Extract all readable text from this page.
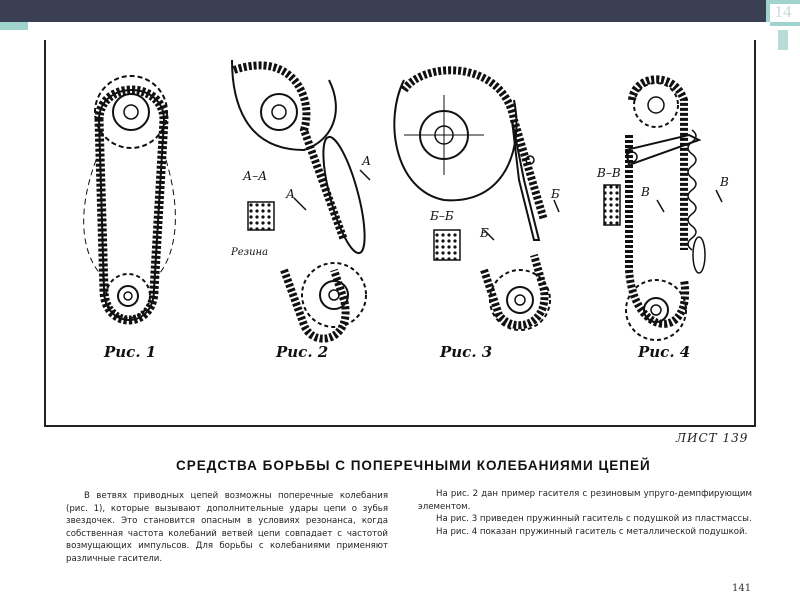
14
А–А
А
А
Резина
Б–Б
Б
Б
В–В
В
В
Рис. 1	Рис. 2	Рис. 3	Рис. 4
ЛИСТ 139
СРЕДСТВА БОРЬБЫ С ПОПЕРЕЧНЫМИ КОЛЕБАНИЯМИ ЦЕПЕЙ

В ветвях приводных цепей возможны поперечные колебания (рис. 1), которые вызывают дополнительные удары цепи о зубья звездочек. Это становится опасным в условиях резонанса, когда собственная частота колебаний ветвей цепи совпадает с частотой возмущающих импульсов. Для борьбы с колебаниями применяют различные гасители.

На рис. 2 дан пример гасителя с резиновым упруго-демпфирующим элементом.

На рис. 3 приведен пружинный гаситель с подушкой из пластмассы.

На рис. 4 показан пружинный гаситель с металлической подушкой.

141
